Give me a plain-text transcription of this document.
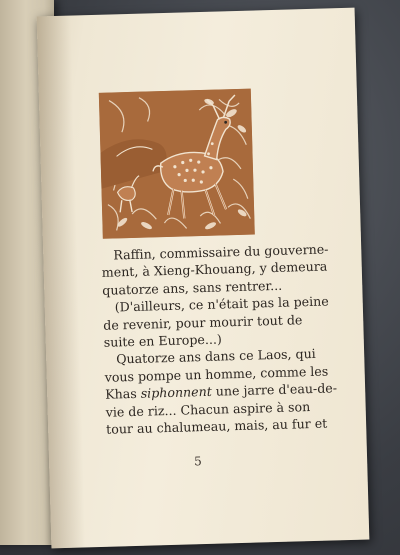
Raffin, commissaire du gouverne-
ment, à Xieng-Khouang, y demeura
quatorze ans, sans rentrer...

(D'ailleurs, ce n'était pas la peine
de revenir, pour mourir tout de
suite en Europe...)

Quatorze ans dans ce Laos, qui
vous pompe un homme, comme les
Khas siphonnent une jarre d'eau-de-
vie de riz... Chacun aspire à son
tour au chalumeau, mais, au fur et

5
